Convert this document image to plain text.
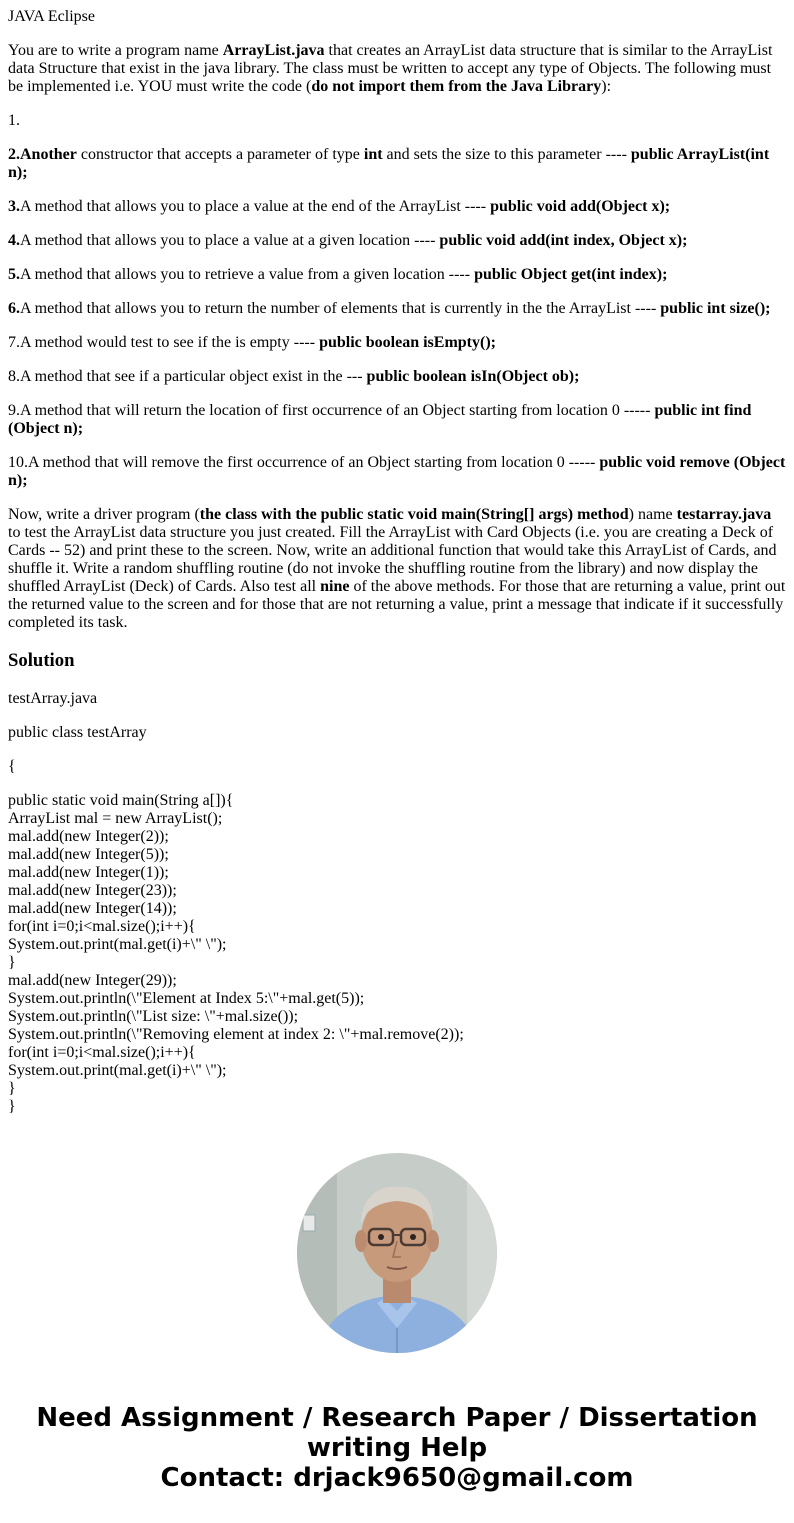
JAVA Eclipse

You are to write a program name ArrayList.java that creates an ArrayList data structure that is similar to the ArrayList data Structure that exist in the java library. The class must be written to accept any type of Objects. The following must be implemented i.e. YOU must write the code (do not import them from the Java Library):

1.

2.Another constructor that accepts a parameter of type int and sets the size to this parameter ---- public ArrayList(int n);

3.A method that allows you to place a value at the end of the ArrayList ---- public void add(Object x);

4.A method that allows you to place a value at a given location ---- public void add(int index, Object x);

5.A method that allows you to retrieve a value from a given location ---- public Object get(int index);

6.A method that allows you to return the number of elements that is currently in the the ArrayList ---- public int size();

7.A method would test to see if the is empty ---- public boolean isEmpty();

8.A method that see if a particular object exist in the --- public boolean isIn(Object ob);

9.A method that will return the location of first occurrence of an Object starting from location 0 ----- public int find (Object n);

10.A method that will remove the first occurrence of an Object starting from location 0 ----- public void remove (Object n);

Now, write a driver program (the class with the public static void main(String[] args) method) name testarray.java to test the ArrayList data structure you just created. Fill the ArrayList with Card Objects (i.e. you are creating a Deck of Cards -- 52) and print these to the screen. Now, write an additional function that would take this ArrayList of Cards, and shuffle it. Write a random shuffling routine (do not invoke the shuffling routine from the library) and now display the shuffled ArrayList (Deck) of Cards. Also test all nine of the above methods. For those that are returning a value, print out the returned value to the screen and for those that are not returning a value, print a message that indicate if it successfully completed its task.

Solution

testArray.java

public class testArray

{

public static void main(String a[]){
ArrayList mal = new ArrayList();
mal.add(new Integer(2));
mal.add(new Integer(5));
mal.add(new Integer(1));
mal.add(new Integer(23));
mal.add(new Integer(14));
for(int i=0;i<mal.size();i++){
System.out.print(mal.get(i)+\" \");
}
mal.add(new Integer(29));
System.out.println(\"Element at Index 5:\"+mal.get(5));
System.out.println(\"List size: \"+mal.size());
System.out.println(\"Removing element at index 2: \"+mal.remove(2));
for(int i=0;i<mal.size();i++){
System.out.print(mal.get(i)+\" \");
}
}
Need Assignment / Research Paper / Dissertation
writing Help
Contact: drjack9650@gmail.com
